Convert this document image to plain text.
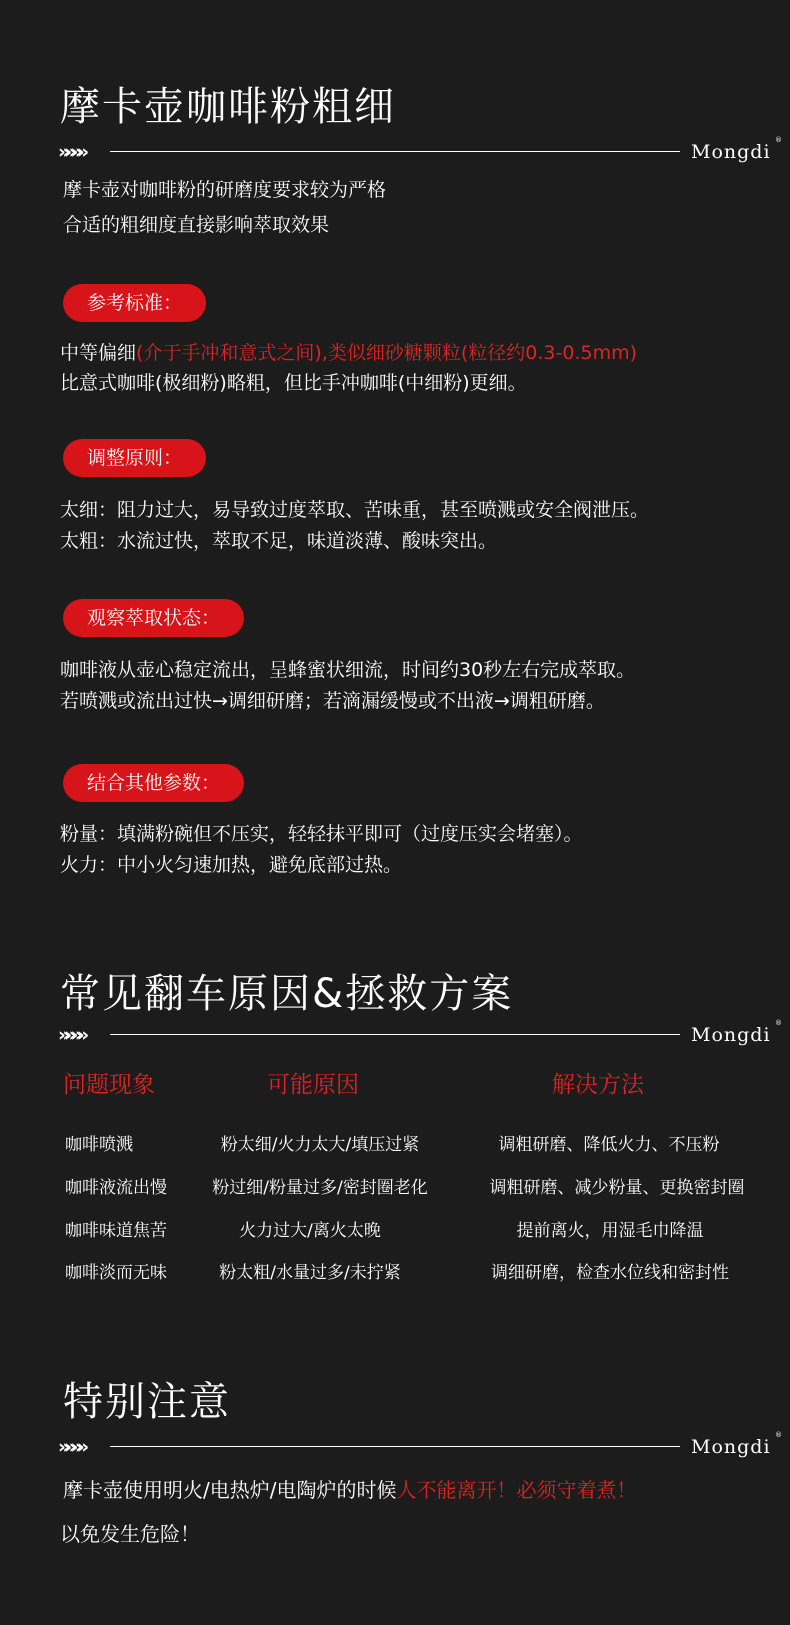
摩卡壶咖啡粉粗细
»»»»	Mongdi
®
摩卡壶对咖啡粉的研磨度要求较为严格
合适的粗细度直接影响萃取效果
参考标准：
中等偏细(介于手冲和意式之间),类似细砂糖颗粒(粒径约0.3-0.5mm)
比意式咖啡(极细粉)略粗，但比手冲咖啡(中细粉)更细。
调整原则：
太细：阻力过大，易导致过度萃取、苦味重，甚至喷溅或安全阀泄压。
太粗：水流过快，萃取不足，味道淡薄、酸味突出。
观察萃取状态：
咖啡液从壶心稳定流出，呈蜂蜜状细流，时间约30秒左右完成萃取。
若喷溅或流出过快→调细研磨；若滴漏缓慢或不出液→调粗研磨。
结合其他参数：
粉量：填满粉碗但不压实，轻轻抹平即可（过度压实会堵塞）。
火力：中小火匀速加热，避免底部过热。
常见翻车原因&拯救方案
»»»»	Mongdi
®
问题现象	可能原因	解决方法
咖啡喷溅	粉太细/火力太大/填压过紧	调粗研磨、降低火力、不压粉
咖啡液流出慢	粉过细/粉量过多/密封圈老化	调粗研磨、减少粉量、更换密封圈
咖啡味道焦苦	火力过大/离火太晚	提前离火，用湿毛巾降温
咖啡淡而无味	粉太粗/水量过多/未拧紧	调细研磨，检查水位线和密封性
特别注意
»»»»	Mongdi
®
摩卡壶使用明火/电热炉/电陶炉的时候人不能离开！必须守着煮！
以免发生危险！
